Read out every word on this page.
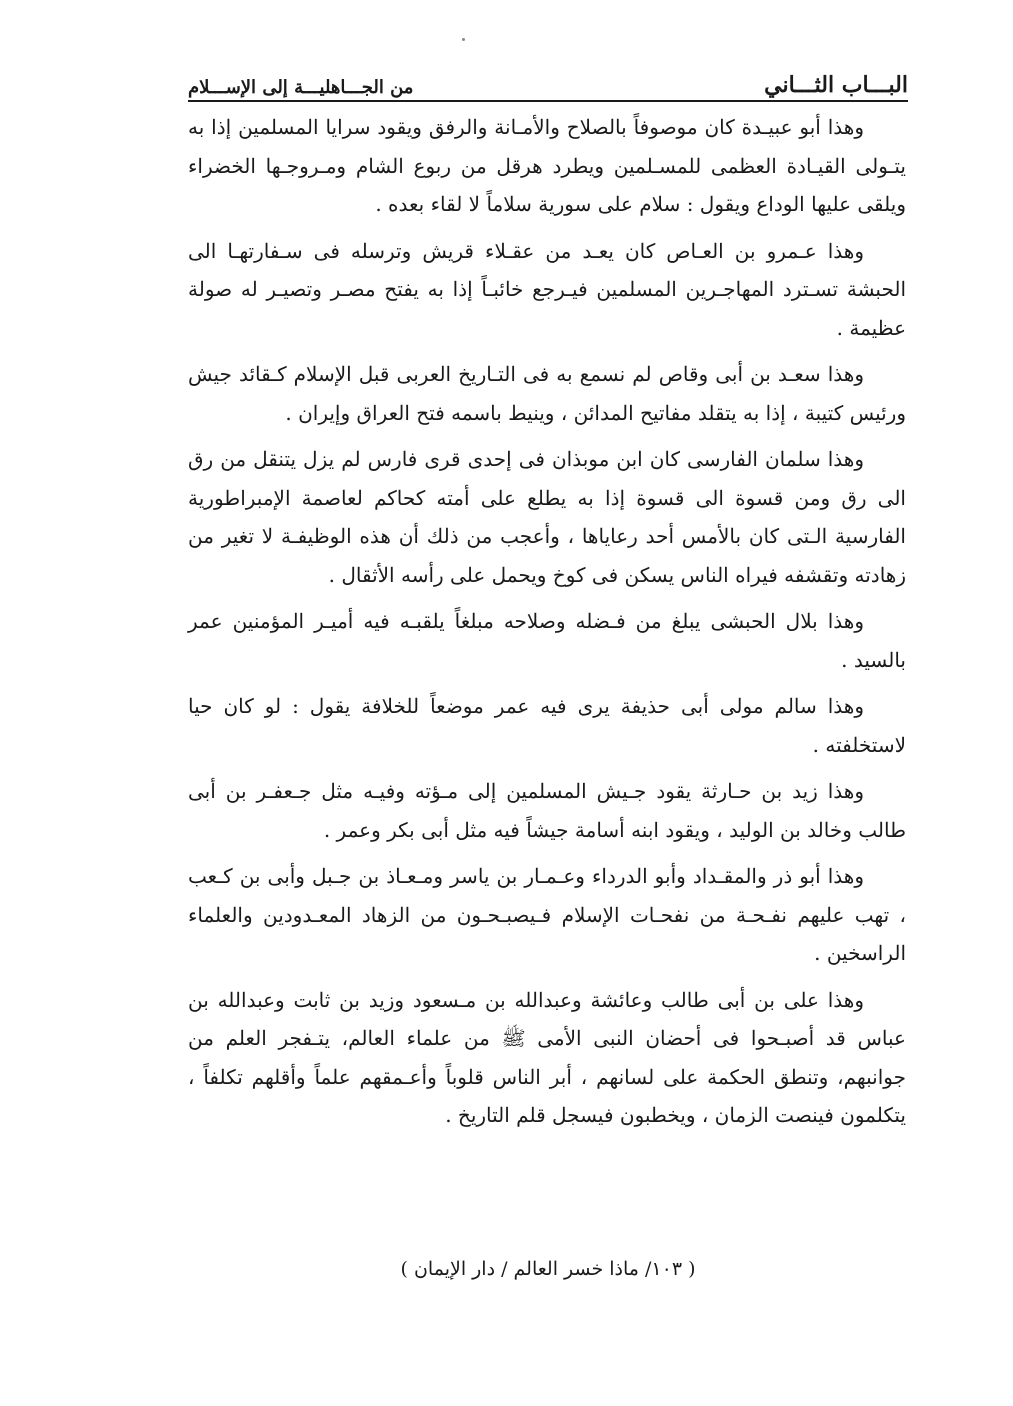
من الجـــاهليـــة إلى الإســـلام	البـــاب الثـــاني

وهذا أبو عبيـدة كان موصوفاً بالصلاح والأمـانة والرفق ويقود سرايا المسلمين إذا به يتـولى القيـادة العظمى للمسـلمين ويطرد هرقل من ربوع الشام ومـروجـها الخضراء ويلقى عليها الوداع ويقول : سلام على سورية سلاماً لا لقاء بعده .

وهذا عـمرو بن العـاص كان يعـد من عقـلاء قريش وترسله فى سـفارتهـا الى الحبشة تسـترد المهاجـرين المسلمين فيـرجع خائبـاً إذا به يفتح مصـر وتصيـر له صولة عظيمة .

وهذا سعـد بن أبى وقاص لم نسمع به فى التـاريخ العربى قبل الإسلام كـقائد جيش ورئيس كتيبة ، إذا به يتقلد مفاتيح المدائن ، وينيط باسمه فتح العراق وإيران .

وهذا سلمان الفارسى كان ابن موبذان فى إحدى قرى فارس لم يزل يتنقل من رق الى رق ومن قسوة الى قسوة إذا به يطلع على أمته كحاكم لعاصمة الإمبراطورية الفارسية الـتى كان بالأمس أحد رعاياها ، وأعجب من ذلك أن هذه الوظيفـة لا تغير من زهادته وتقشفه فيراه الناس يسكن فى كوخ ويحمل على رأسه الأثقال .

وهذا بلال الحبشى يبلغ من فـضله وصلاحه مبلغاً يلقبـه فيه أميـر المؤمنين عمر بالسيد .

وهذا سالم مولى أبى حذيفة يرى فيه عمر موضعاً للخلافة يقول : لو كان حيا لاستخلفته .

وهذا زيد بن حـارثة يقود جـيش المسلمين إلى مـؤته وفيـه مثل جـعفـر بن أبى طالب وخالد بن الوليد ، ويقود ابنه أسامة جيشاً فيه مثل أبى بكر وعمر .

وهذا أبو ذر والمقـداد وأبو الدرداء وعـمـار بن ياسر ومـعـاذ بن جـبل وأبى بن كـعب ، تهب عليهم نفـحـة من نفحـات الإسلام فـيصبـحـون من الزهاد المعـدودين والعلماء الراسخين .

وهذا على بن أبى طالب وعائشة وعبدالله بن مـسعود وزيد بن ثابت وعبدالله بن عباس قد أصبـحوا فى أحضان النبى الأمى ﷺ من علماء العالم، يتـفجر العلم من جوانبهم، وتنطق الحكمة على لسانهم ، أبر الناس قلوباً وأعـمقهم علماً وأقلهم تكلفاً ، يتكلمون فينصت الزمان ، ويخطبون فيسجل قلم التاريخ .

( ١٠٣/ ماذا خسر العالم / دار الإيمان )
